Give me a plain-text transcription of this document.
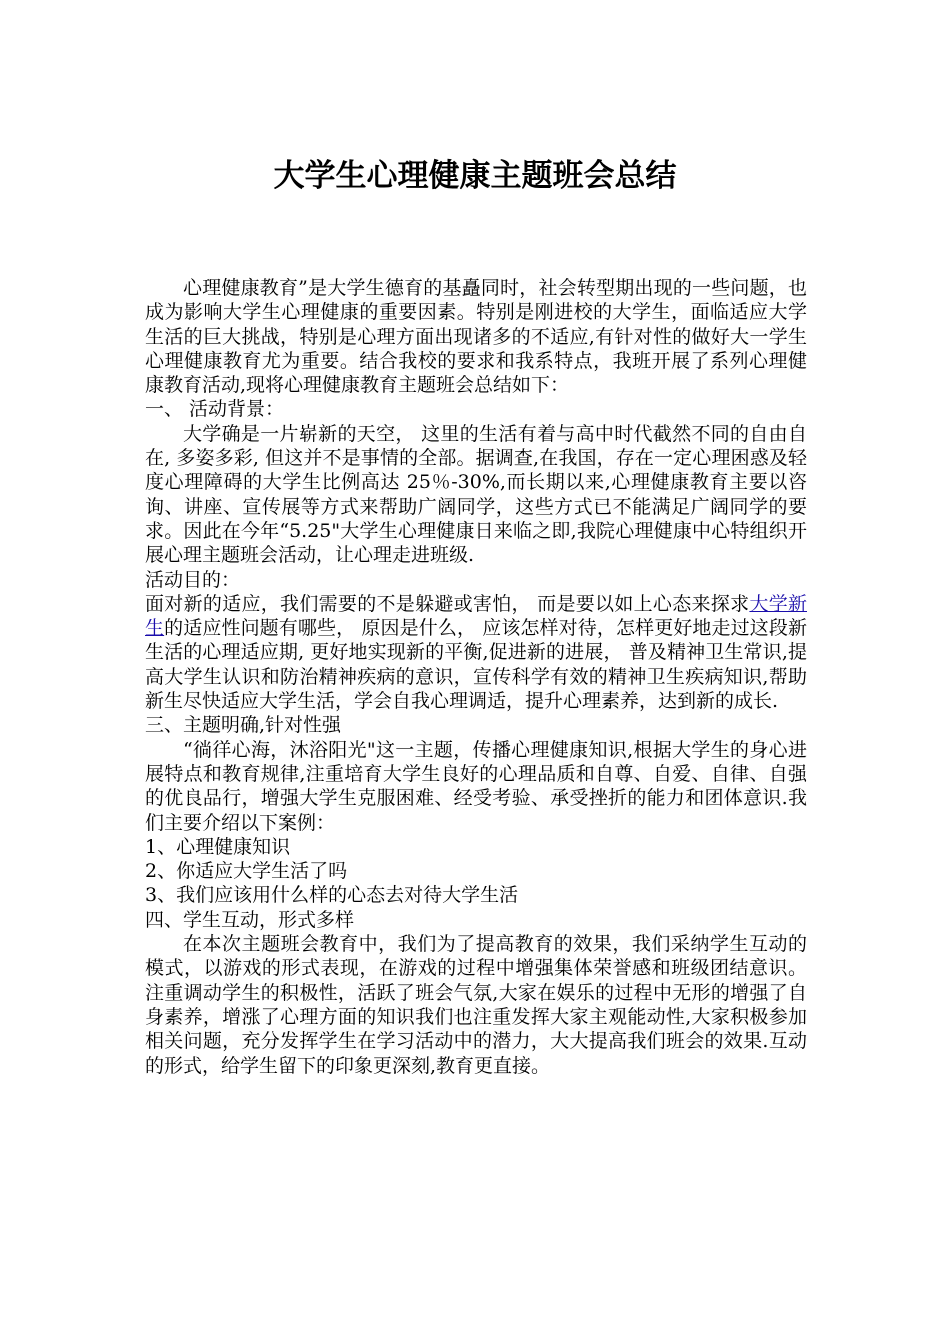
大学生心理健康主题班会总结

心理健康教育”是大学生德育的基矗同时，社会转型期出现的一些问题，也成为影响大学生心理健康的重要因素。特别是刚进校的大学生，面临适应大学生活的巨大挑战，特别是心理方面出现诸多的不适应,有针对性的做好大一学生心理健康教育尤为重要。结合我校的要求和我系特点，我班开展了系列心理健康教育活动,现将心理健康教育主题班会总结如下：

一、 活动背景：

大学确是一片崭新的天空， 这里的生活有着与高中时代截然不同的自由自在, 多姿多彩, 但这并不是事情的全部。据调查,在我国，存在一定心理困惑及轻度心理障碍的大学生比例高达 25％-30%,而长期以来,心理健康教育主要以咨询、讲座、宣传展等方式来帮助广阔同学，这些方式已不能满足广阔同学的要求。因此在今年“5.25"大学生心理健康日来临之即,我院心理健康中心特组织开展心理主题班会活动，让心理走进班级.

活动目的：

面对新的适应，我们需要的不是躲避或害怕， 而是要以如上心态来探求大学新生的适应性问题有哪些， 原因是什么， 应该怎样对待，怎样更好地走过这段新生活的心理适应期, 更好地实现新的平衡,促进新的进展， 普及精神卫生常识,提高大学生认识和防治精神疾病的意识，宣传科学有效的精神卫生疾病知识,帮助新生尽快适应大学生活，学会自我心理调适，提升心理素养，达到新的成长.

三、主题明确,针对性强

“徜徉心海，沐浴阳光"这一主题，传播心理健康知识,根据大学生的身心进展特点和教育规律,注重培育大学生良好的心理品质和自尊、自爱、自律、自强的优良品行，增强大学生克服困难、经受考验、承受挫折的能力和团体意识.我们主要介绍以下案例：

1、心理健康知识

2、你适应大学生活了吗

3、我们应该用什么样的心态去对待大学生活

四、学生互动，形式多样

在本次主题班会教育中，我们为了提高教育的效果，我们采纳学生互动的模式，以游戏的形式表现，在游戏的过程中增强集体荣誉感和班级团结意识。注重调动学生的积极性，活跃了班会气氛,大家在娱乐的过程中无形的增强了自身素养，增涨了心理方面的知识我们也注重发挥大家主观能动性,大家积极参加相关问题，充分发挥学生在学习活动中的潜力，大大提高我们班会的效果.互动的形式，给学生留下的印象更深刻,教育更直接。
